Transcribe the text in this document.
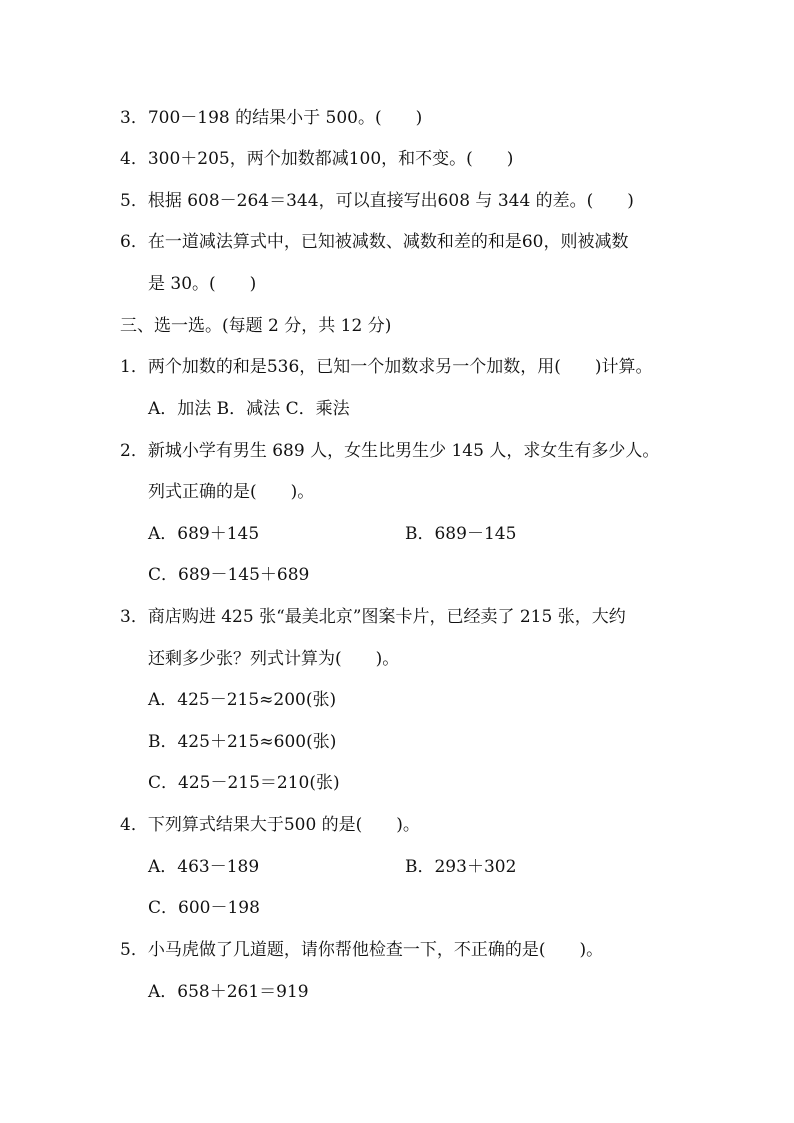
3．700－198 的结果小于 500。(　　)
4．300＋205，两个加数都减100，和不变。(　　)
5．根据 608－264＝344，可以直接写出608 与 344 的差。(　　)
6．在一道减法算式中，已知被减数、减数和差的和是60，则被减数
是 30。(　　)
三、选一选。(每题 2 分，共 12 分)
1．两个加数的和是536，已知一个加数求另一个加数，用(　　)计算。
A．加法 B．减法 C．乘法
2．新城小学有男生 689 人，女生比男生少 145 人，求女生有多少人。
列式正确的是(　　)。
A．689＋145	B．689－145
C．689－145＋689
3．商店购进 425 张“最美北京”图案卡片，已经卖了 215 张，大约
还剩多少张？列式计算为(　　)。
A．425－215≈200(张)
B．425＋215≈600(张)
C．425－215＝210(张)
4．下列算式结果大于500 的是(　　)。
A．463－189	B．293＋302
C．600－198
5．小马虎做了几道题，请你帮他检查一下，不正确的是(　　)。
A．658＋261＝919
